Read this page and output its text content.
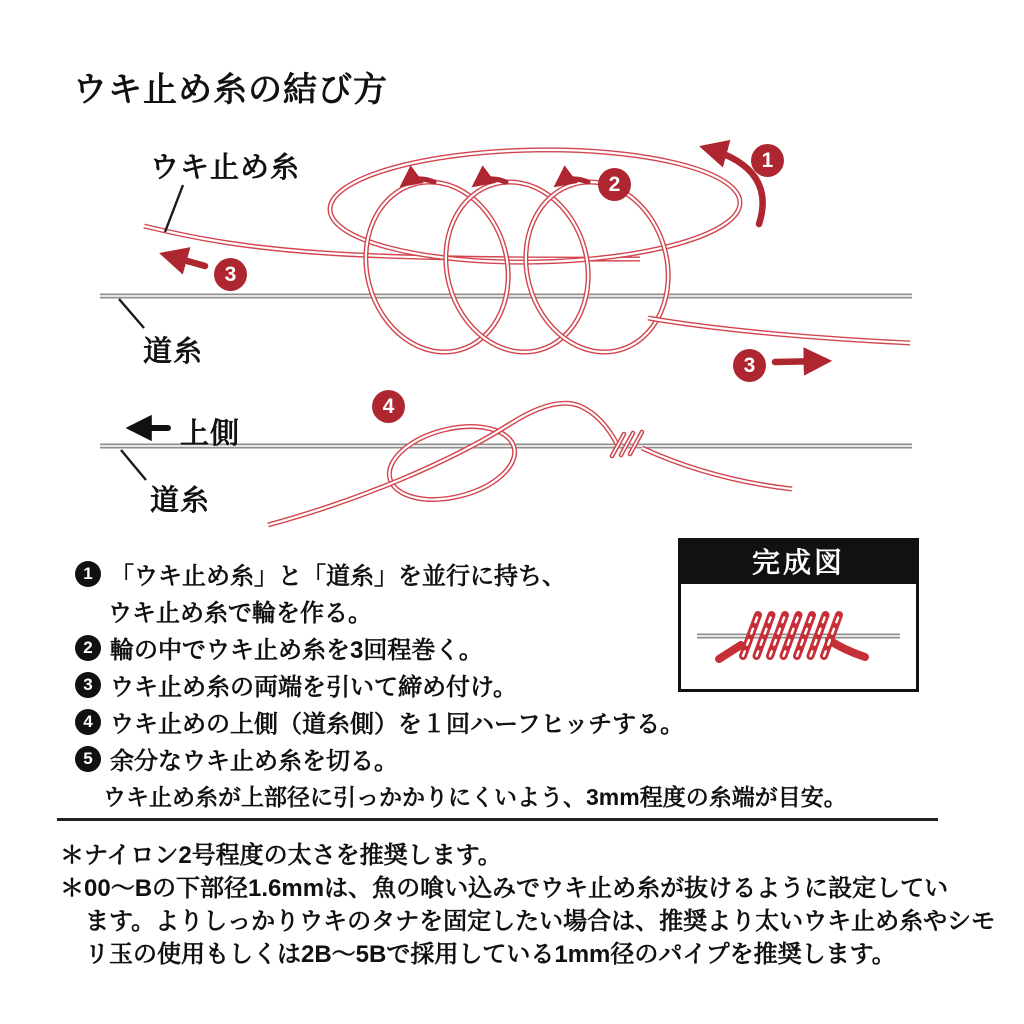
ウキ止め糸の結び方
ウキ止め糸
道糸
1
2
3
3
上側
道糸
4
1 「ウキ止め糸」と「道糸」を並行に持ち、
ウキ止め糸で輪を作る。
2 輪の中でウキ止め糸を3回程巻く。
3 ウキ止め糸の両端を引いて締め付け。
4 ウキ止めの上側（道糸側）を１回ハーフヒッチする。
5 余分なウキ止め糸を切る。
ウキ止め糸が上部径に引っかかりにくいよう、3mm程度の糸端が目安。
完成図
＊ナイロン2号程度の太さを推奨します。
＊00〜Bの下部径1.6mmは、魚の喰い込みでウキ止め糸が抜けるように設定してい
ます。よりしっかりウキのタナを固定したい場合は、推奨より太いウキ止め糸やシモ
リ玉の使用もしくは2B〜5Bで採用している1mm径のパイプを推奨します。
